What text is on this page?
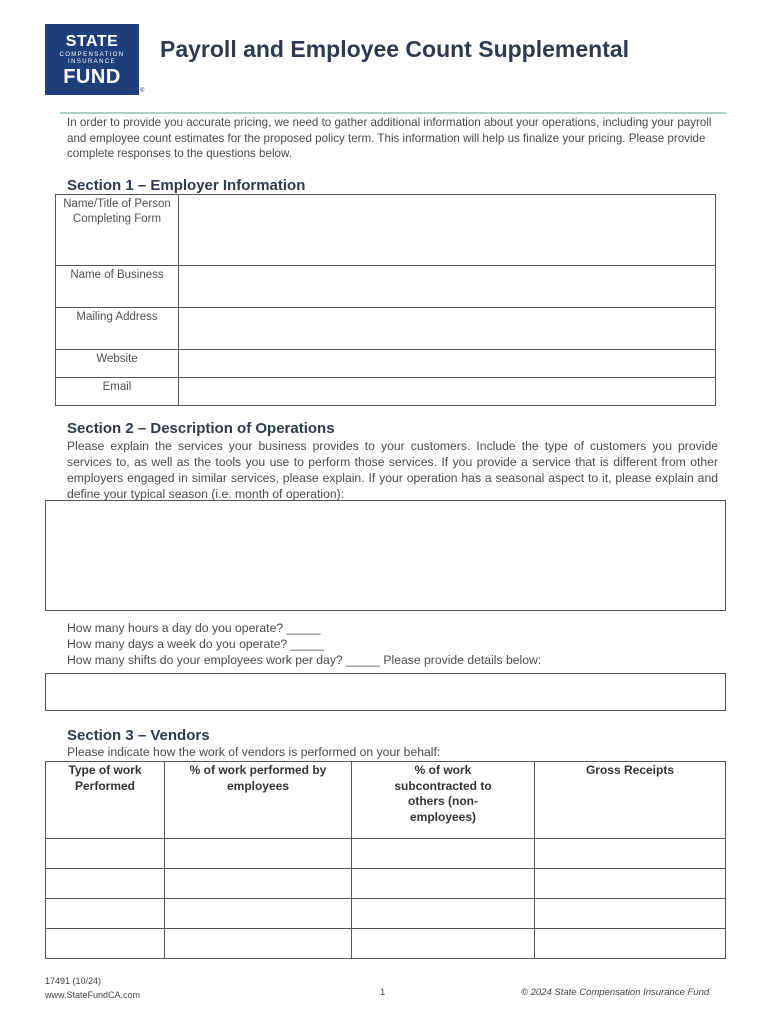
STATE
COMPENSATION INSURANCE
FUND
®
Payroll and Employee Count Supplemental
In order to provide you accurate pricing, we need to gather additional information about your operations, including your payroll and employee count estimates for the proposed policy term. This information will help us finalize your pricing. Please provide complete responses to the questions below.
Section 1 – Employer Information
Name/Title of Person Completing Form	
Name of Business	
Mailing Address	
Website	
Email	
Section 2 – Description of Operations
Please explain the services your business provides to your customers. Include the type of customers you provide services to, as well as the tools you use to perform those services. If you provide a service that is different from other employers engaged in similar services, please explain. If your operation has a seasonal aspect to it, please explain and define your typical season (i.e. month of operation):
How many hours a day do you operate? _____
How many days a week do you operate? _____
How many shifts do your employees work per day? _____ Please provide details below:
Section 3 – Vendors
Please indicate how the work of vendors is performed on your behalf:
Type of work Performed	% of work performed by employees	% of work subcontracted to others (non-employees)	Gross Receipts

17491 (10/24)
www.StateFundCA.com	1	© 2024 State Compensation Insurance Fund
